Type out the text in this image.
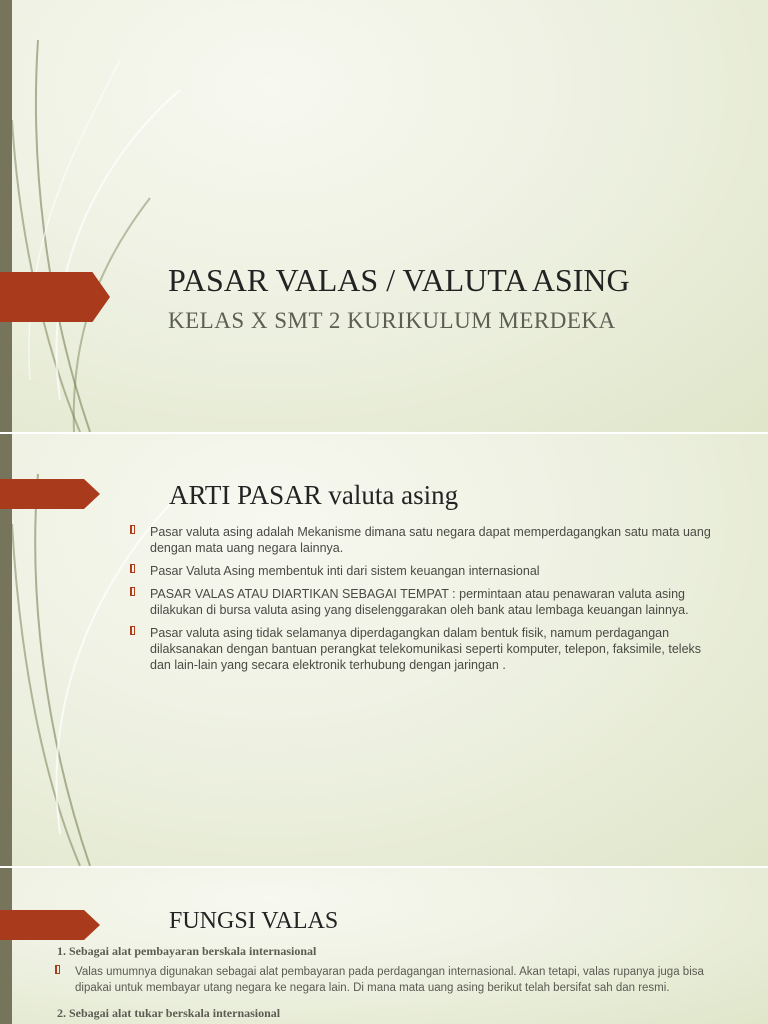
PASAR VALAS / VALUTA ASING

KELAS X SMT 2 KURIKULUM MERDEKA

ARTI PASAR valuta asing
Pasar valuta asing adalah Mekanisme dimana satu negara dapat memperdagangkan satu mata uang dengan mata uang negara lainnya.
Pasar Valuta Asing membentuk inti dari sistem keuangan internasional
PASAR VALAS ATAU DIARTIKAN SEBAGAI TEMPAT : permintaan atau penawaran valuta asing dilakukan di bursa valuta asing yang diselenggarakan oleh bank atau lembaga keuangan lainnya.
Pasar valuta asing tidak selamanya diperdagangkan dalam bentuk fisik, namum perdagangan dilaksanakan dengan bantuan perangkat telekomunikasi seperti komputer, telepon, faksimile, teleks dan lain-lain yang secara elektronik terhubung dengan jaringan .
FUNGSI VALAS

1. Sebagai alat pembayaran berskala internasional

Valas umumnya digunakan sebagai alat pembayaran pada perdagangan internasional. Akan tetapi, valas rupanya juga bisa dipakai untuk membayar utang negara ke negara lain. Di mana mata uang asing berikut telah bersifat sah dan resmi.

2. Sebagai alat tukar berskala internasional
